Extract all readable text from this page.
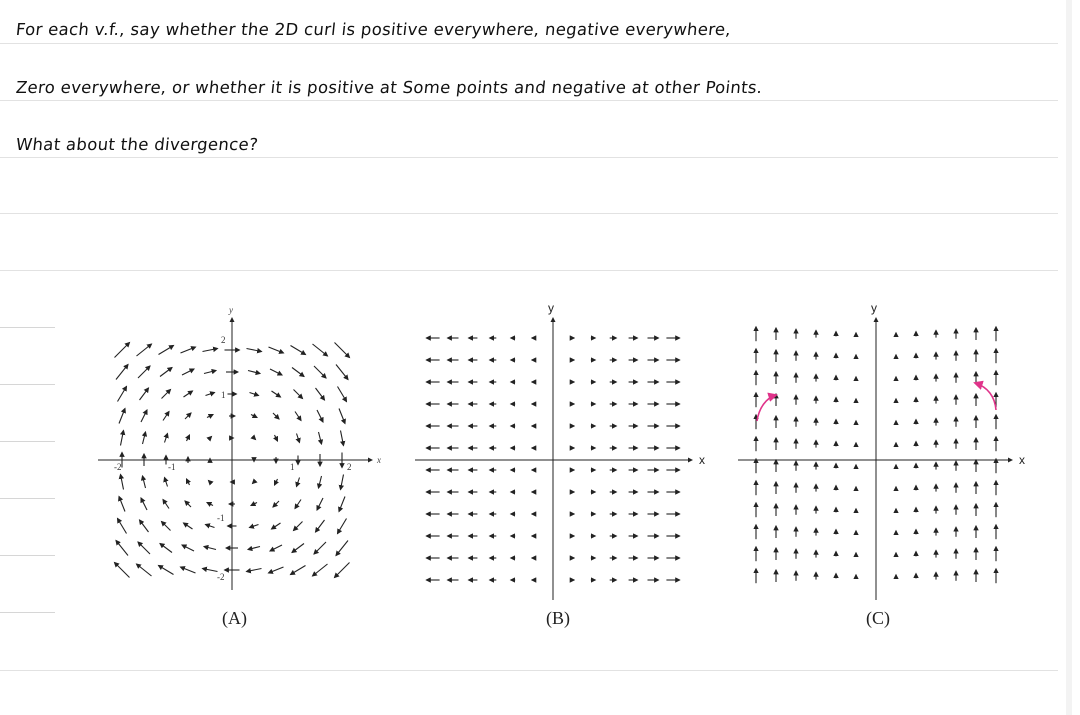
For each v.f., say whether the 2D curl is positive everywhere, negative everywhere,
Zero everywhere, or whether it is positive at Some points and negative at other Points.
What about the divergence?
y
x
2
1
-1
-2
-2	-1	1	2
(A)
y
x
(B)
y
x
(C)
